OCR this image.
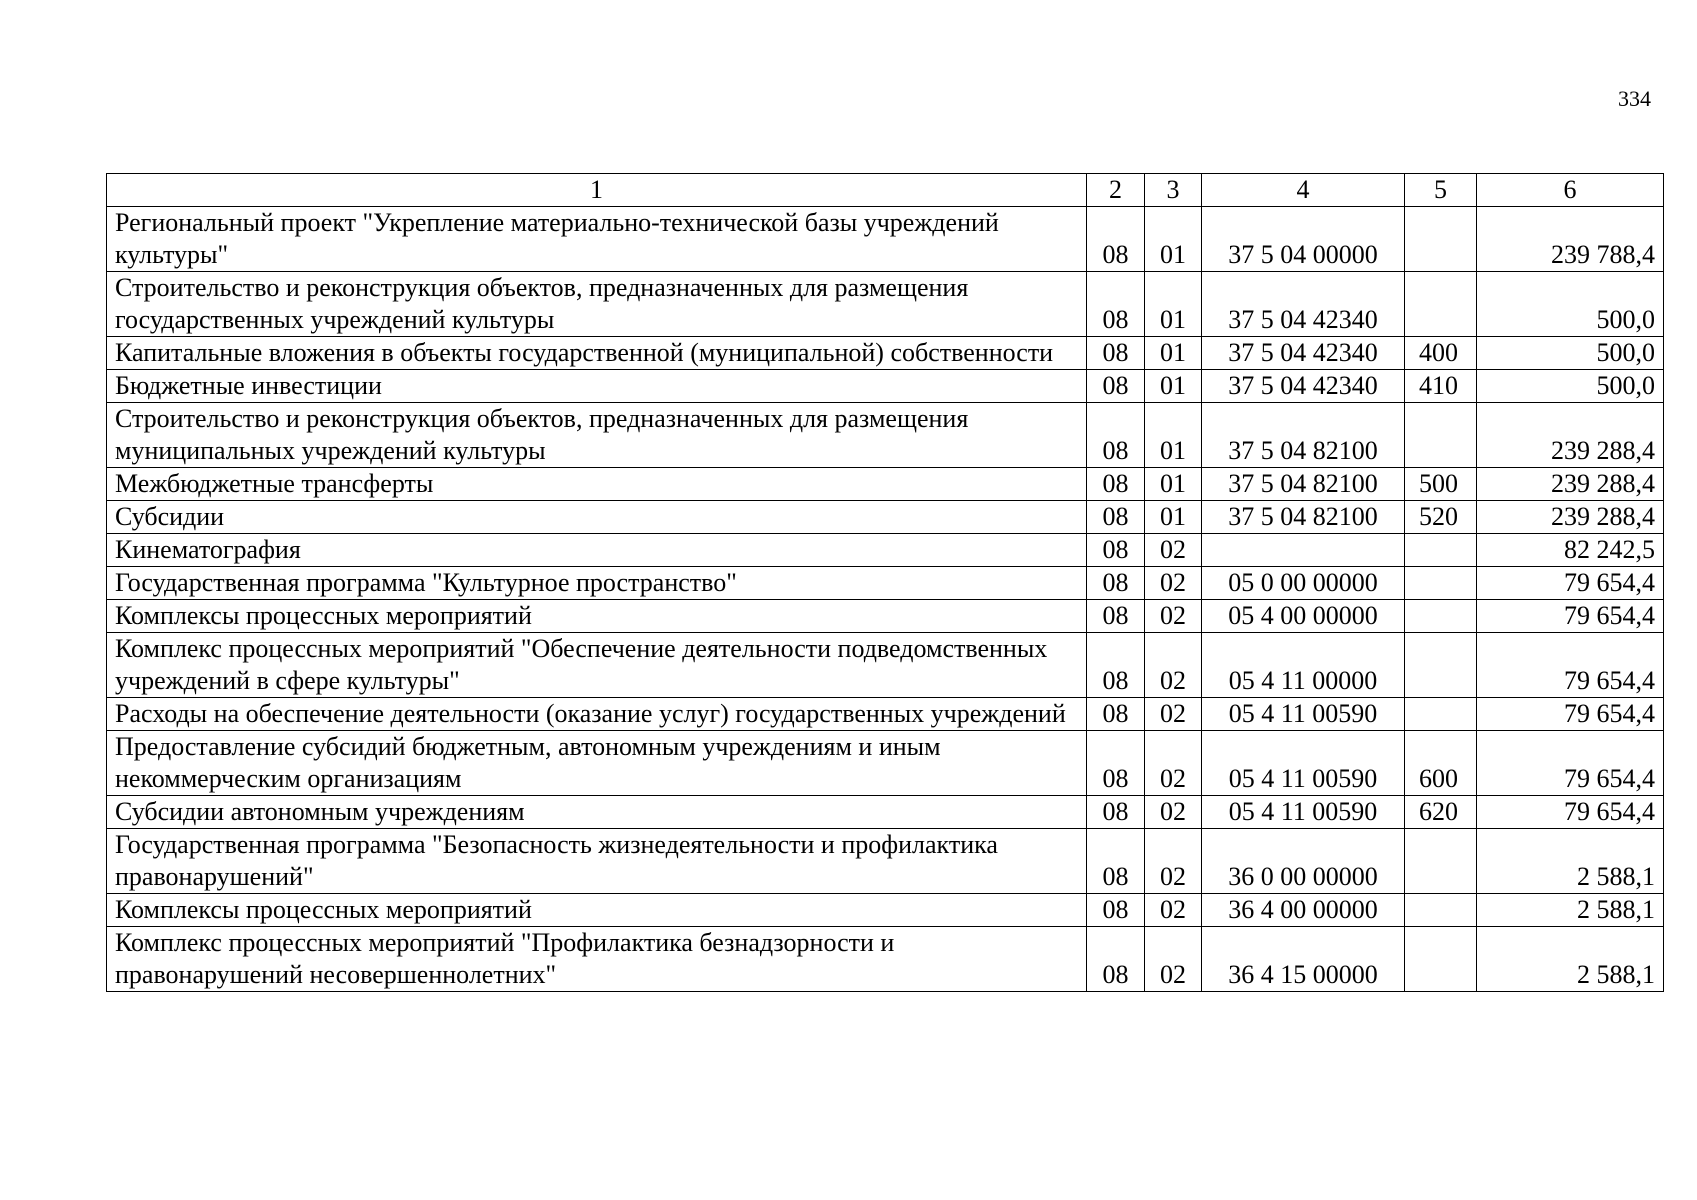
334
1	2	3	4	5	6
Региональный проект "Укрепление материально-технической базы учреждений культуры"	08	01	37 5 04 00000		239 788,4
Строительство и реконструкция объектов, предназначенных для размещения государственных учреждений культуры	08	01	37 5 04 42340		500,0
Капитальные вложения в объекты государственной (муниципальной) собственности	08	01	37 5 04 42340	400	500,0
Бюджетные инвестиции	08	01	37 5 04 42340	410	500,0
Строительство и реконструкция объектов, предназначенных для размещения муниципальных учреждений культуры	08	01	37 5 04 82100		239 288,4
Межбюджетные трансферты	08	01	37 5 04 82100	500	239 288,4
Субсидии	08	01	37 5 04 82100	520	239 288,4
Кинематография	08	02			82 242,5
Государственная программа "Культурное пространство"	08	02	05 0 00 00000		79 654,4
Комплексы процессных мероприятий	08	02	05 4 00 00000		79 654,4
Комплекс процессных мероприятий "Обеспечение деятельности подведомственных учреждений в сфере культуры"	08	02	05 4 11 00000		79 654,4
Расходы на обеспечение деятельности (оказание услуг) государственных учреждений	08	02	05 4 11 00590		79 654,4
Предоставление субсидий бюджетным, автономным учреждениям и иным некоммерческим организациям	08	02	05 4 11 00590	600	79 654,4
Субсидии автономным учреждениям	08	02	05 4 11 00590	620	79 654,4
Государственная программа "Безопасность жизнедеятельности и профилактика правонарушений"	08	02	36 0 00 00000		2 588,1
Комплексы процессных мероприятий	08	02	36 4 00 00000		2 588,1
Комплекс процессных мероприятий "Профилактика безнадзорности и правонарушений несовершеннолетних"	08	02	36 4 15 00000		2 588,1
